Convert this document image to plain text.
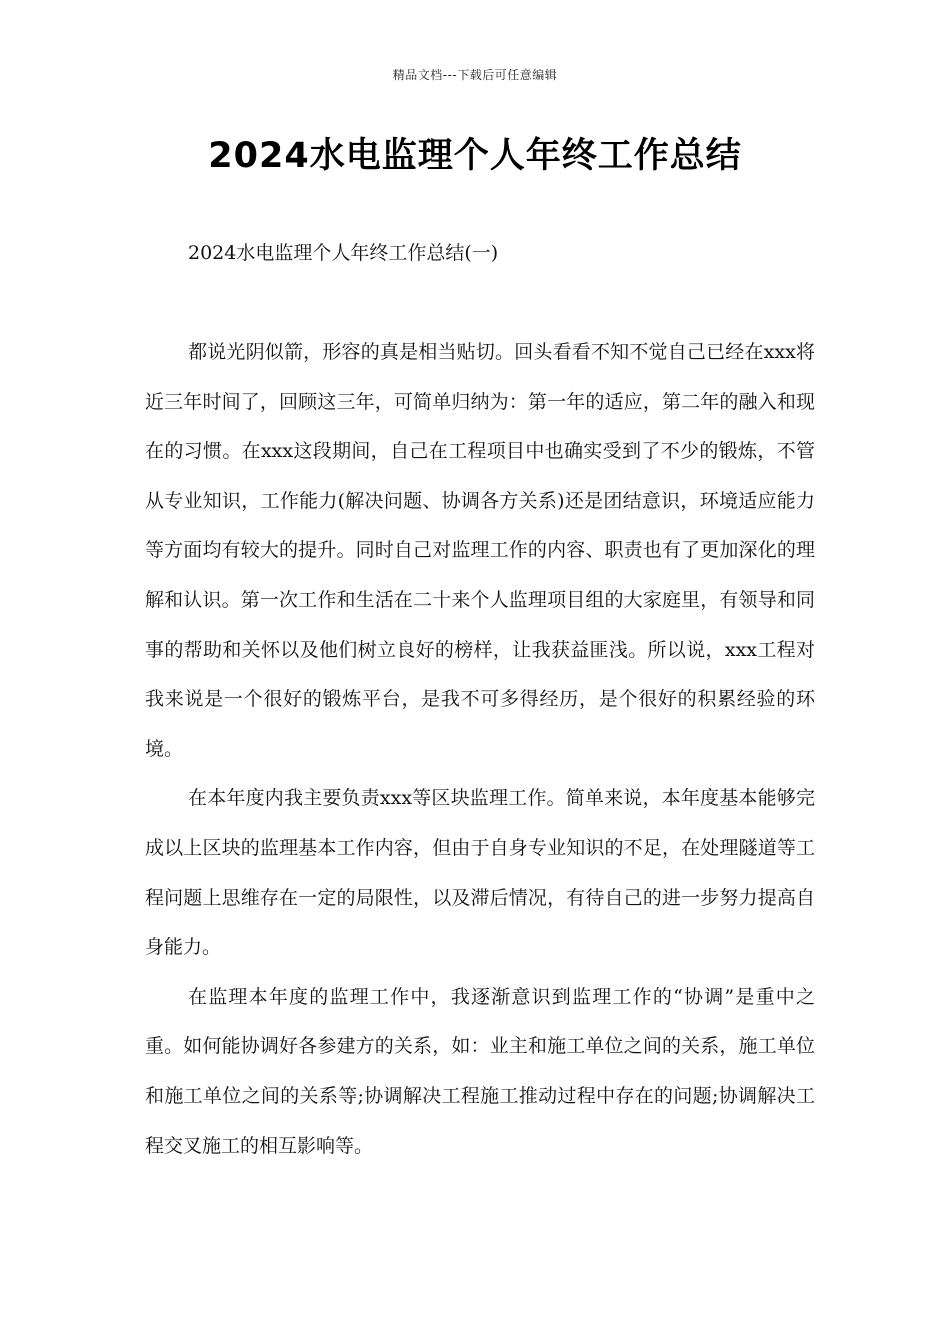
精品文档---下载后可任意编辑
2024水电监理个人年终工作总结
2024水电监理个人年终工作总结(一)

都说光阴似箭，形容的真是相当贴切。回头看看不知不觉自己已经在xxx将近三年时间了，回顾这三年，可简单归纳为：第一年的适应，第二年的融入和现在的习惯。在xxx这段期间，自己在工程项目中也确实受到了不少的锻炼，不管从专业知识，工作能力(解决问题、协调各方关系)还是团结意识，环境适应能力等方面均有较大的提升。同时自己对监理工作的内容、职责也有了更加深化的理解和认识。第一次工作和生活在二十来个人监理项目组的大家庭里，有领导和同事的帮助和关怀以及他们树立良好的榜样，让我获益匪浅。所以说，xxx工程对我来说是一个很好的锻炼平台，是我不可多得经历，是个很好的积累经验的环境。

在本年度内我主要负责xxx等区块监理工作。简单来说，本年度基本能够完成以上区块的监理基本工作内容，但由于自身专业知识的不足，在处理隧道等工程问题上思维存在一定的局限性，以及滞后情况，有待自己的进一步努力提高自身能力。

在监理本年度的监理工作中，我逐渐意识到监理工作的“协调”是重中之重。如何能协调好各参建方的关系，如：业主和施工单位之间的关系，施工单位和施工单位之间的关系等;协调解决工程施工推动过程中存在的问题;协调解决工程交叉施工的相互影响等。
